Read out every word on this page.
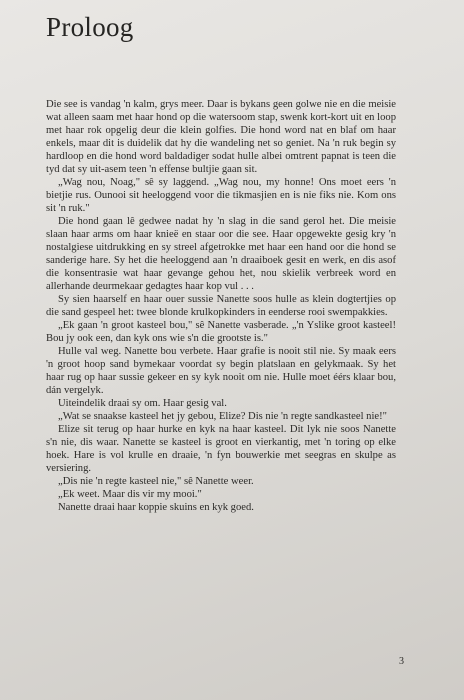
Proloog

Die see is vandag 'n kalm, grys meer. Daar is bykans geen golwe nie en die meisie wat alleen saam met haar hond op die watersoom stap, swenk kort-kort uit en loop met haar rok opgelig deur die klein golfies. Die hond word nat en blaf om haar enkels, maar dit is duidelik dat hy die wandeling net so geniet. Na 'n ruk begin sy hardloop en die hond word baldadiger sodat hulle albei omtrent papnat is teen die tyd dat sy uit-asem teen 'n effense bultjie gaan sit.

„Wag nou, Noag," sê sy laggend. „Wag nou, my honne! Ons moet eers 'n bietjie rus. Ounooi sit heeloggend voor die tikmasjien en is nie fiks nie. Kom ons sit 'n ruk."

Die hond gaan lê gedwee nadat hy 'n slag in die sand gerol het. Die meisie slaan haar arms om haar knieë en staar oor die see. Haar opgewekte gesig kry 'n nostalgiese uitdrukking en sy streel afgetrokke met haar een hand oor die hond se sanderige hare. Sy het die heeloggend aan 'n draaiboek gesit en werk, en dis asof die konsentrasie wat haar gevange gehou het, nou skielik verbreek word en allerhande deurmekaar gedagtes haar kop vul . . .

Sy sien haarself en haar ouer sussie Nanette soos hulle as klein dogtertjies op die sand gespeel het: twee blonde krulkopkinders in eenderse rooi swempakkies.

„Ek gaan 'n groot kasteel bou," sê Nanette vasberade. „'n Yslike groot kasteel! Bou jy ook een, dan kyk ons wie s'n die grootste is."

Hulle val weg. Nanette bou verbete. Haar grafie is nooit stil nie. Sy maak eers 'n groot hoop sand bymekaar voordat sy begin platslaan en gelykmaak. Sy het haar rug op haar sussie gekeer en sy kyk nooit om nie. Hulle moet éérs klaar bou, dán vergelyk.

Uiteindelik draai sy om. Haar gesig val.

„Wat se snaakse kasteel het jy gebou, Elize? Dis nie 'n regte sandkasteel nie!"

Elize sit terug op haar hurke en kyk na haar kasteel. Dit lyk nie soos Nanette s'n nie, dis waar. Nanette se kasteel is groot en vierkantig, met 'n toring op elke hoek. Hare is vol krulle en draaie, 'n fyn bouwerkie met seegras en skulpe as versiering.

„Dis nie 'n regte kasteel nie," sê Nanette weer.

„Ek weet. Maar dis vir my mooi."

Nanette draai haar koppie skuins en kyk goed.

3
